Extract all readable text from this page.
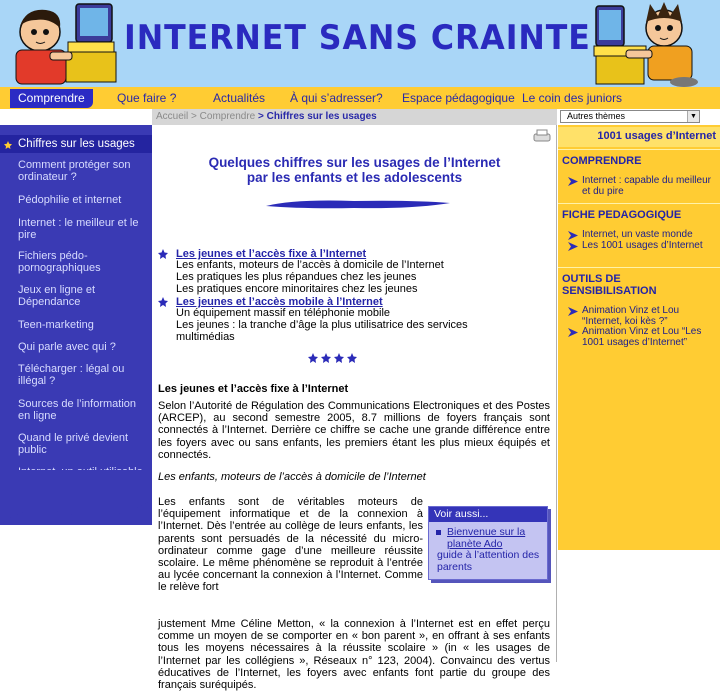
INTERNET SANS CRAINTE
Comprendre	Que faire ?	Actualités À qui s’adresser? Espace pédagogique Le coin des juniors
Accueil > Comprendre > Chiffres sur les usages	Autres thèmes	▼
Chiffres sur les usages
Comment protéger son ordinateur ?
Pédophilie et internet
Internet : le meilleur et le pire
Fichiers pédo-pornographiques
Jeux en ligne et Dépendance
Teen-marketing
Qui parle avec qui ?
Télécharger : légal ou illégal ?
Sources de l’information en ligne
Quand le privé devient public
Quelques chiffres sur les usages de l’Internet
par les enfants et les adolescents
Les jeunes et l’accès fixe à l’Internet
Les enfants, moteurs de l’accès à domicile de l’Internet
Les pratiques les plus répandues chez les jeunes
Les pratiques encore minoritaires chez les jeunes
Les jeunes et l’accès mobile à l’Internet
Un équipement massif en téléphonie mobile
Les jeunes : la tranche d’âge la plus utilisatrice des services
multimédias
Les jeunes et l’accès fixe à l’Internet
Selon l’Autorité de Régulation des Communications Electroniques et des Postes (ARCEP), au second semestre 2005, 8.7 millions de foyers français sont connectés à l’Internet. Derrière ce chiffre se cache une grande différence entre les foyers avec ou sans enfants, les premiers étant les plus mieux équipés et connectés.
Les enfants, moteurs de l’accès à domicile de l’Internet
Les enfants sont de véritables moteurs de l’équipement informatique et de la connexion à l’Internet. Dès l’entrée au collège de leurs enfants, les parents sont persuadés de la nécessité du micro-ordinateur comme gage d’une meilleure réussite scolaire. Le même phénomène se reproduit à l’entrée au lycée concernant la connexion à l’Internet. Comme le relève fort
justement Mme Céline Metton, « la connexion à l’Internet est en effet perçu comme un moyen de se comporter en « bon parent », en offrant à ses enfants tous les moyens nécessaires à la réussite scolaire » (in « les usages de l’Internet par les collégiens », Réseaux n° 123, 2004). Convaincu des vertus éducatives de l’Internet, les foyers avec enfants font partie du groupe des français suréquipés.
Voir aussi...
Bienvenue sur la planète Ado
guide à l’attention des parents
1001 usages d’Internet
COMPRENDRE
Internet : capable du meilleur et du pire
FICHE PEDAGOGIQUE
Internet, un vaste monde
Les 1001 usages d’Internet
OUTILS DE SENSIBILISATION
Animation Vinz et Lou “Internet, koi kès ?”
Animation Vinz et Lou “Les 1001 usages d’Internet”
